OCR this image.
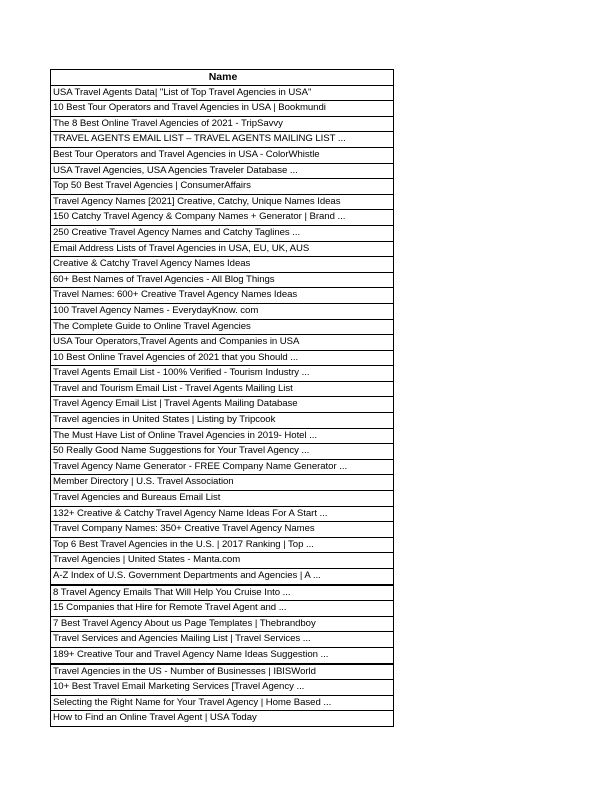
Name
USA Travel Agents Data| "List of Top Travel Agencies in USA"
10 Best Tour Operators and Travel Agencies in USA | Bookmundi
The 8 Best Online Travel Agencies of 2021 - TripSavvy
TRAVEL AGENTS EMAIL LIST – TRAVEL AGENTS MAILING LIST ...
Best Tour Operators and Travel Agencies in USA - ColorWhistle
USA Travel Agencies, USA Agencies Traveler Database ...
Top 50 Best Travel Agencies | ConsumerAffairs
Travel Agency Names [2021] Creative, Catchy, Unique Names Ideas
150 Catchy Travel Agency & Company Names + Generator | Brand ...
250 Creative Travel Agency Names and Catchy Taglines ...
Email Address Lists of Travel Agencies in USA, EU, UK, AUS
Creative & Catchy Travel Agency Names Ideas
60+ Best Names of Travel Agencies - All Blog Things
Travel Names: 600+ Creative Travel Agency Names Ideas
100 Travel Agency Names - EverydayKnow. com
The Complete Guide to Online Travel Agencies
USA Tour Operators,Travel Agents and Companies in USA
10 Best Online Travel Agencies of 2021 that you Should ...
Travel Agents Email List - 100% Verified - Tourism Industry ...
Travel and Tourism Email List - Travel Agents Mailing List
Travel Agency Email List | Travel Agents Mailing Database
Travel agencies in United States | Listing by Tripcook
The Must Have List of Online Travel Agencies in 2019- Hotel ...
50 Really Good Name Suggestions for Your Travel Agency ...
Travel Agency Name Generator - FREE Company Name Generator ...
Member Directory | U.S. Travel Association
Travel Agencies and Bureaus Email List
132+ Creative & Catchy Travel Agency Name Ideas For A Start ...
Travel Company Names: 350+ Creative Travel Agency Names
Top 6 Best Travel Agencies in the U.S. | 2017 Ranking | Top ...
Travel Agencies | United States - Manta.com
A-Z Index of U.S. Government Departments and Agencies | A ...
8 Travel Agency Emails That Will Help You Cruise Into ...
15 Companies that Hire for Remote Travel Agent and ...
7 Best Travel Agency About us Page Templates | Thebrandboy
Travel Services and Agencies Mailing List | Travel Services ...
189+ Creative Tour and Travel Agency Name Ideas Suggestion ...
Travel Agencies in the US - Number of Businesses | IBISWorld
10+ Best Travel Email Marketing Services [Travel Agency ...
Selecting the Right Name for Your Travel Agency | Home Based ...
How to Find an Online Travel Agent | USA Today
